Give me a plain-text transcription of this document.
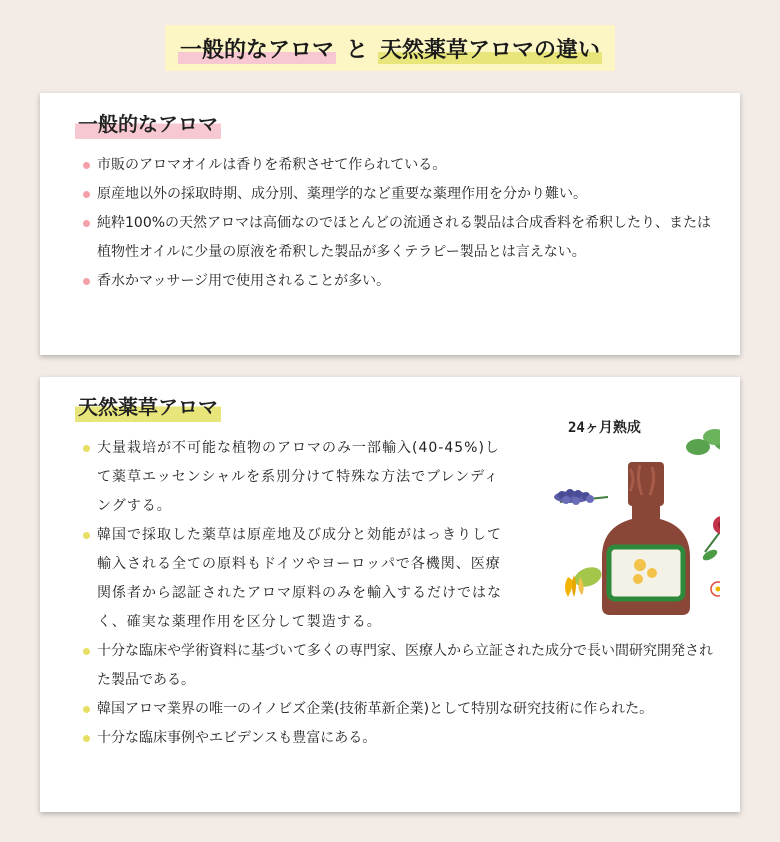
一般的なアロマ と 天然薬草アロマの違い
一般的なアロマ
市販のアロマオイルは香りを希釈させて作られている。
原産地以外の採取時期、成分別、薬理学的など重要な薬理作用を分かり難い。
純粋100%の天然アロマは高価なのでほとんどの流通される製品は合成香料を希釈したり、または植物性オイルに少量の原液を希釈した製品が多くテラピー製品とは言えない。
香水かマッサージ用で使用されることが多い。
天然薬草アロマ
大量栽培が不可能な植物のアロマのみ一部輸入(40-45%)して薬草エッセンシャルを系別分けて特殊な方法でブレンディングする。
韓国で採取した薬草は原産地及び成分と効能がはっきりして輸入される全ての原料もドイツやヨーロッパで各機関、医療関係者から認証されたアロマ原料のみを輸入するだけではなく、確実な薬理作用を区分して製造する。
十分な臨床や学術資料に基づいて多くの専門家、医療人から立証された成分で長い間研究開発された製品である。
韓国アロマ業界の唯一のイノビズ企業(技術革新企業)として特別な研究技術に作られた。
十分な臨床事例やエビデンスも豊富にある。
24ヶ月熟成
